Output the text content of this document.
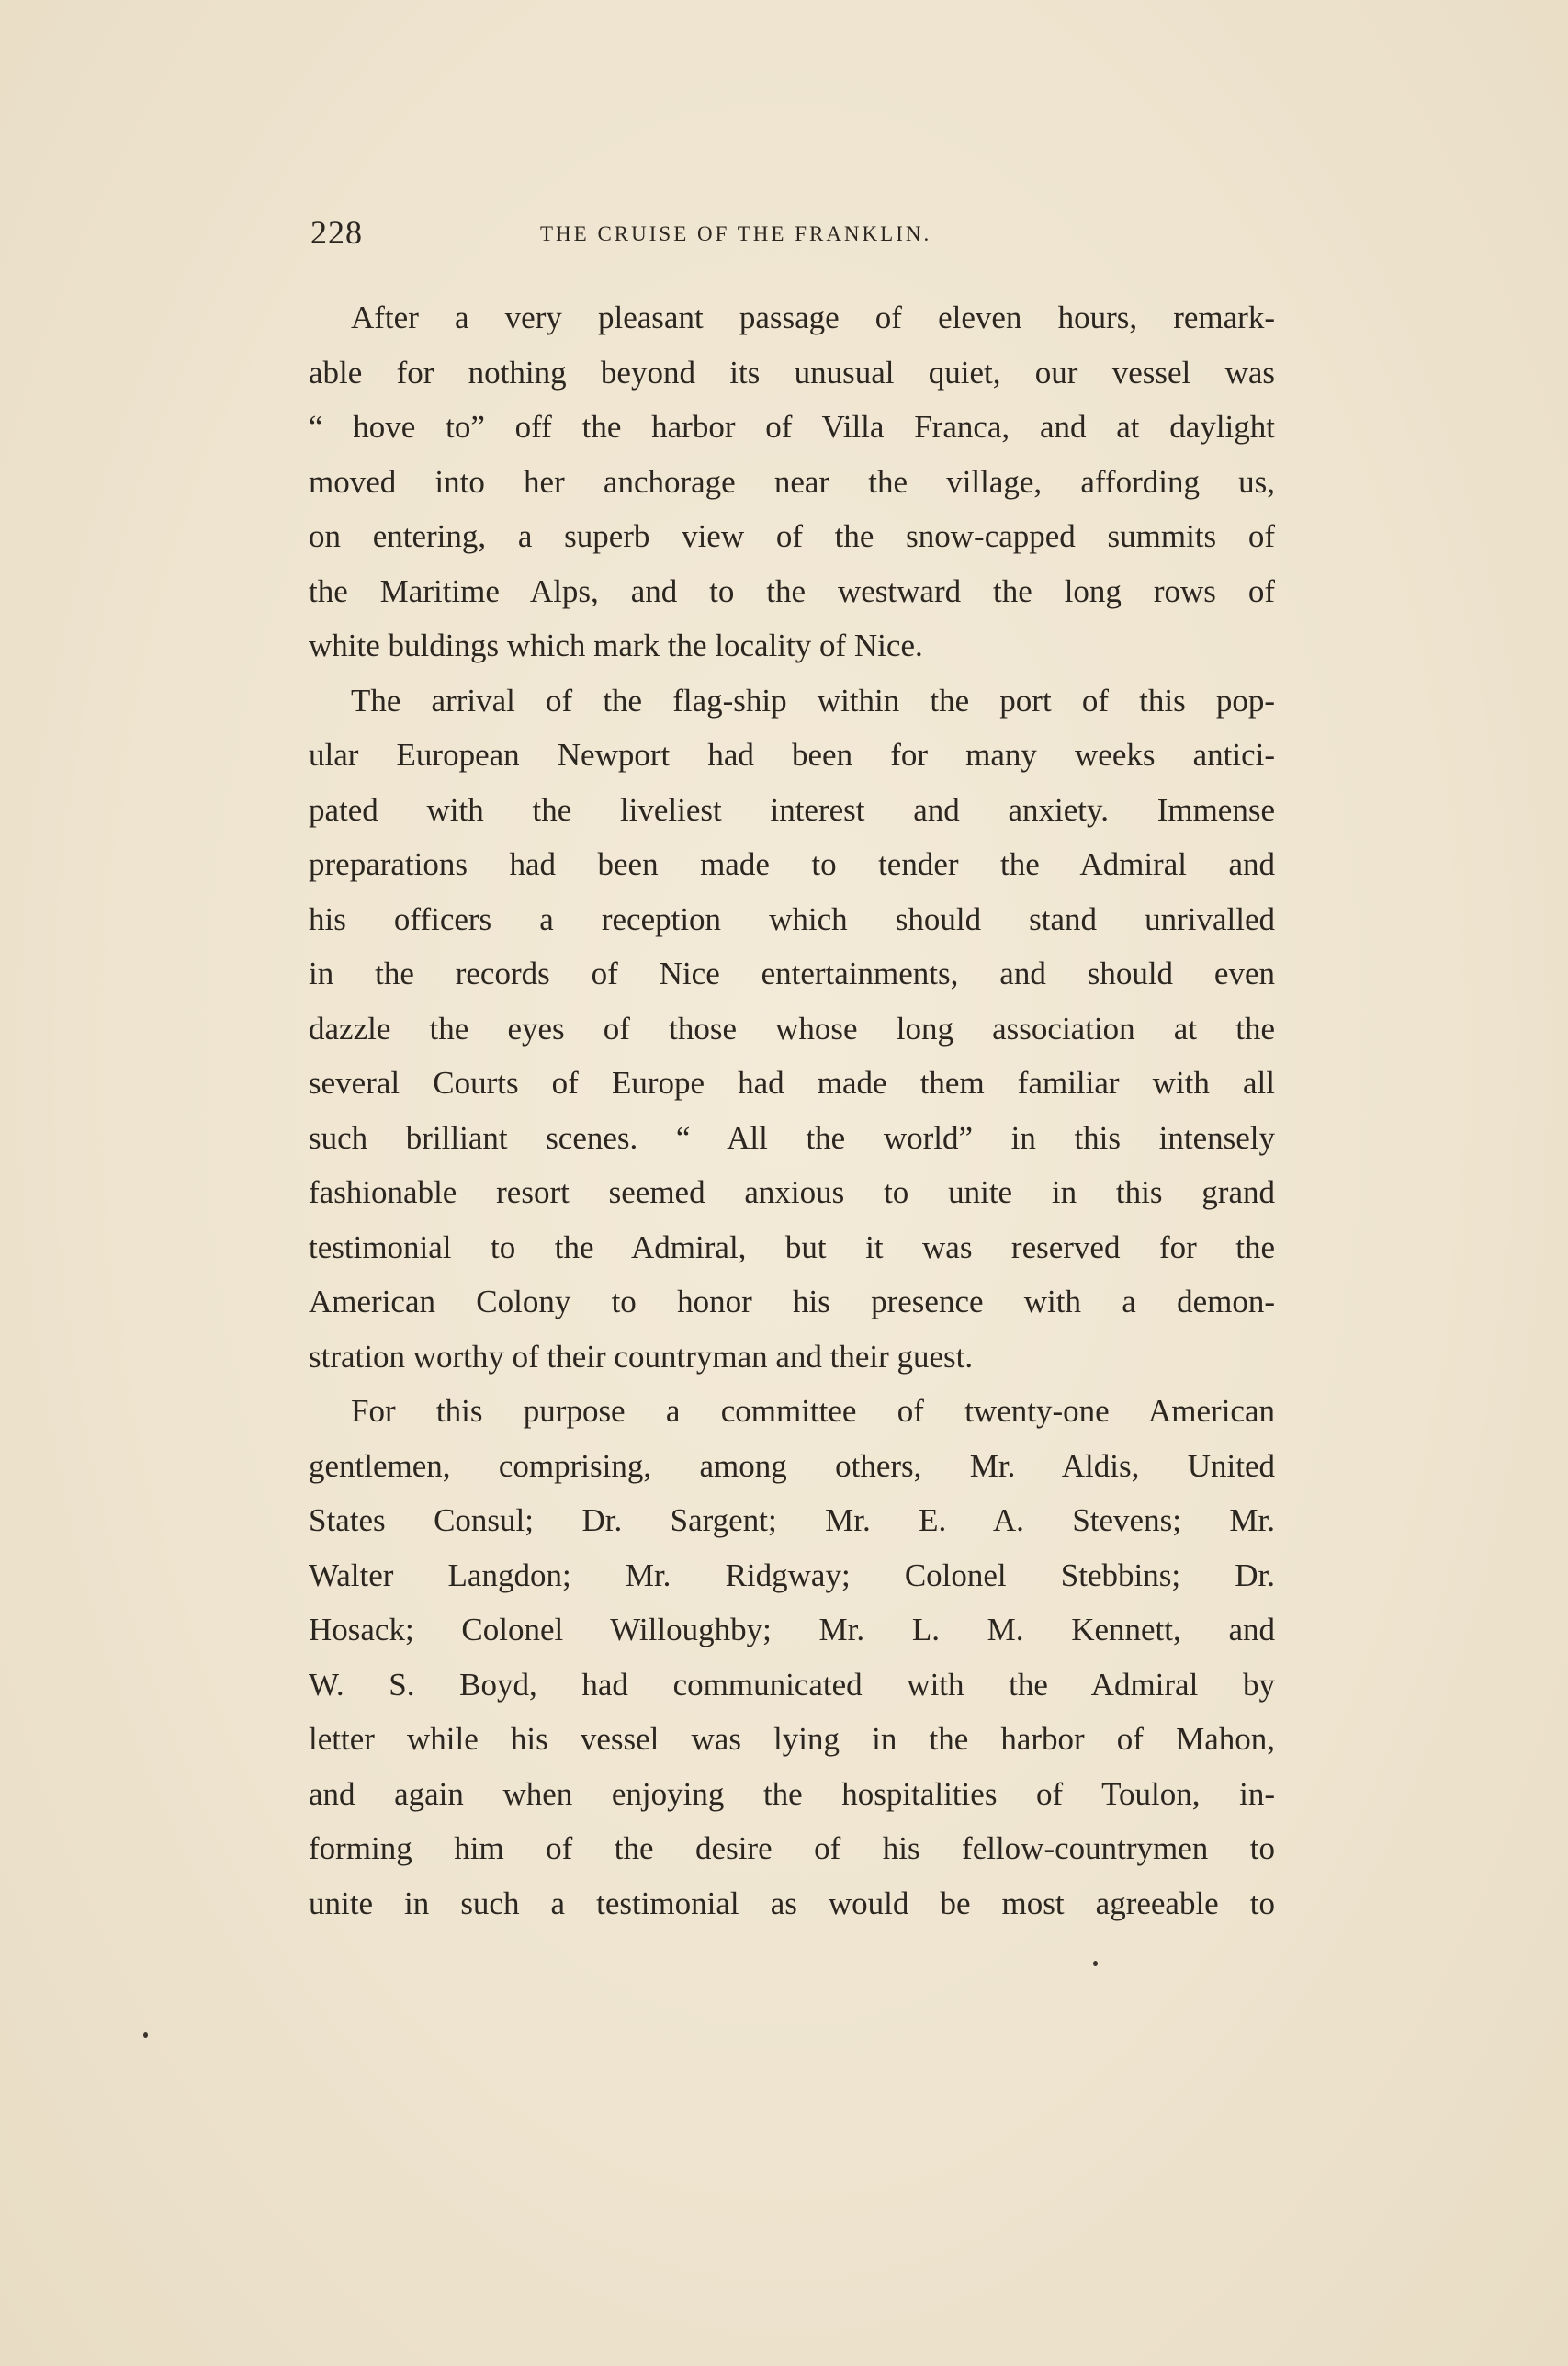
228	THE CRUISE OF THE FRANKLIN.
After a very pleasant passage of eleven hours, remark-
able for nothing beyond its unusual quiet, our vessel was
“ hove to” off the harbor of Villa Franca, and at daylight
moved into her anchorage near the village, affording us,
on entering, a superb view of the snow-capped summits of
the Maritime Alps, and to the westward the long rows of
white buldings which mark the locality of Nice.
The arrival of the flag-ship within the port of this pop-
ular European Newport had been for many weeks antici-
pated with the liveliest interest and anxiety. Immense
preparations had been made to tender the Admiral and
his officers a reception which should stand unrivalled
in the records of Nice entertainments, and should even
dazzle the eyes of those whose long association at the
several Courts of Europe had made them familiar with all
such brilliant scenes. “ All the world” in this intensely
fashionable resort seemed anxious to unite in this grand
testimonial to the Admiral, but it was reserved for the
American Colony to honor his presence with a demon-
stration worthy of their countryman and their guest.
For this purpose a committee of twenty-one American
gentlemen, comprising, among others, Mr. Aldis, United
States Consul; Dr. Sargent; Mr. E. A. Stevens; Mr.
Walter Langdon; Mr. Ridgway; Colonel Stebbins; Dr.
Hosack; Colonel Willoughby; Mr. L. M. Kennett, and
W. S. Boyd, had communicated with the Admiral by
letter while his vessel was lying in the harbor of Mahon,
and again when enjoying the hospitalities of Toulon, in-
forming him of the desire of his fellow-countrymen to
unite in such a testimonial as would be most agreeable to
